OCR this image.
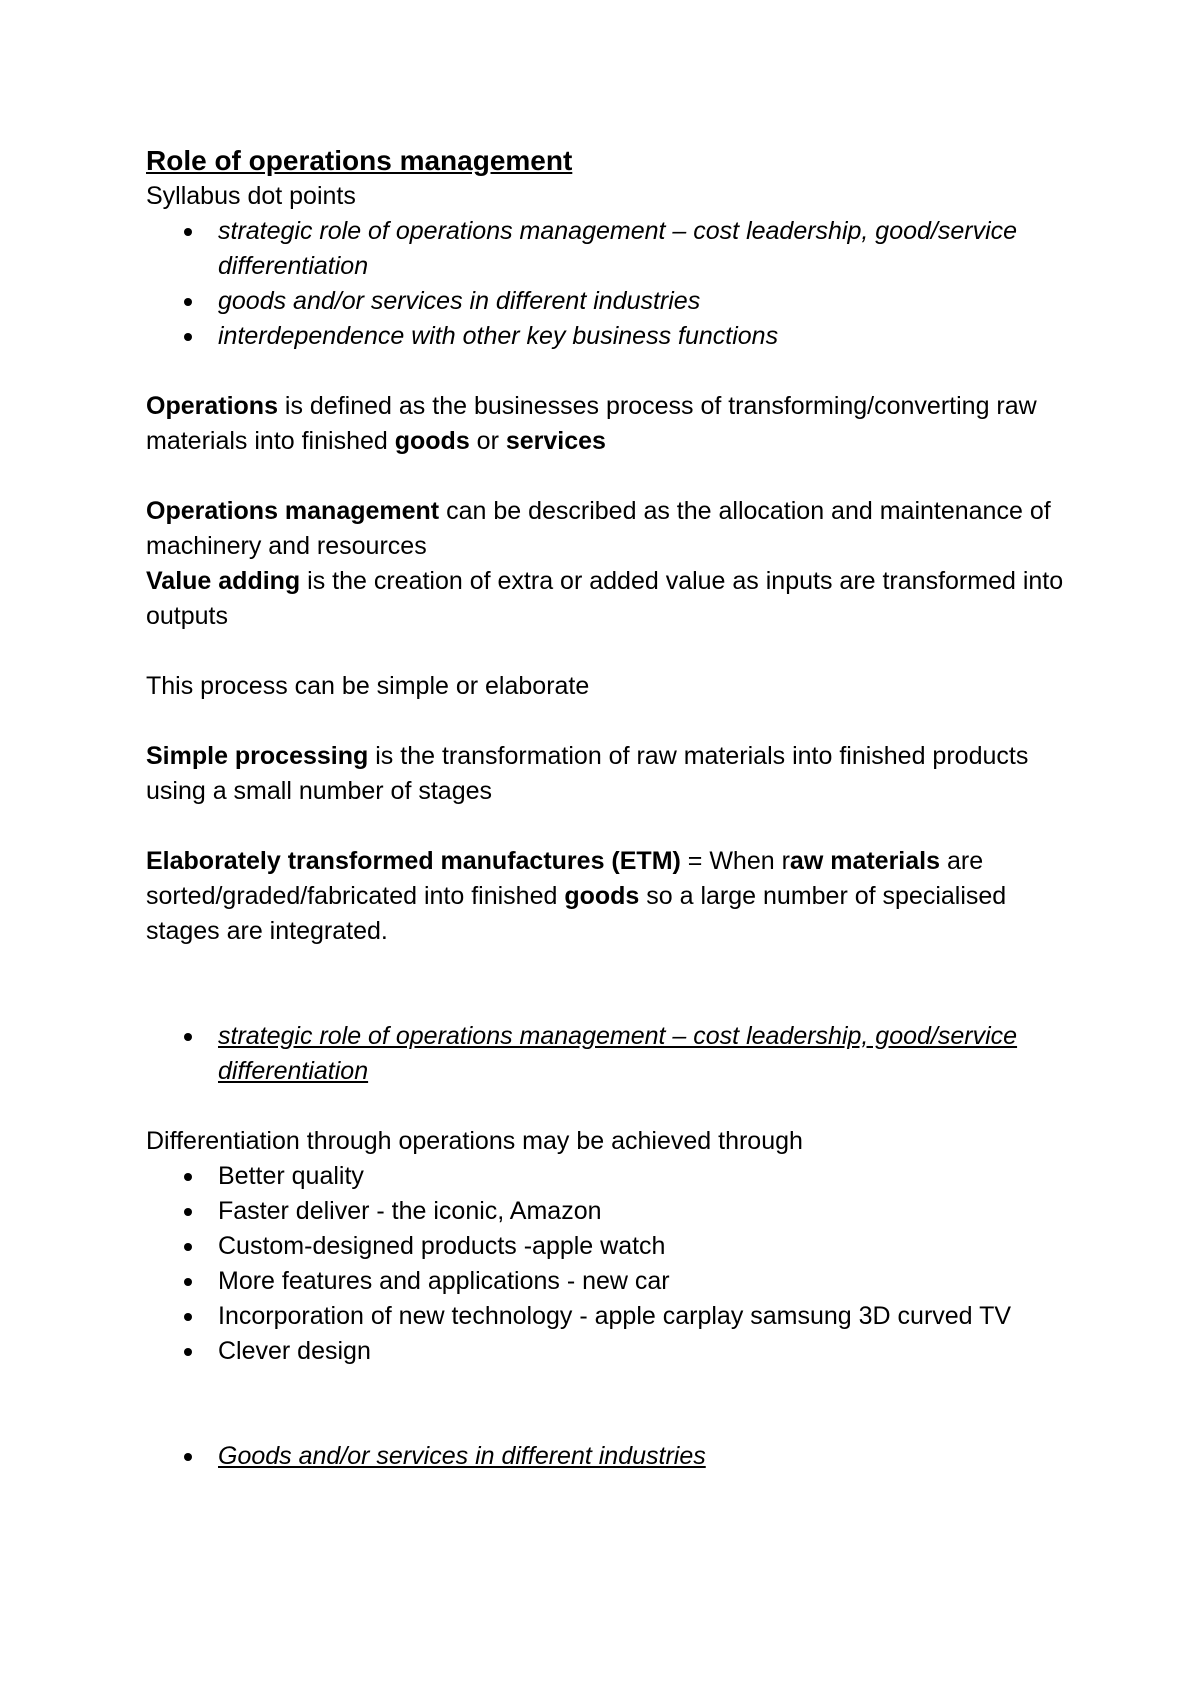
Role of operations management

Syllabus dot points

strategic role of operations management – cost leadership, good/service differentiation
goods and/or services in different industries
interdependence with other key business functions

Operations is defined as the businesses process of transforming/converting raw materials into finished goods or services

Operations management can be described as the allocation and maintenance of machinery and resources

Value adding is the creation of extra or added value as inputs are transformed into outputs

This process can be simple or elaborate

Simple processing is the transformation of raw materials into finished products using a small number of stages

Elaborately transformed manufactures (ETM) = When raw materials are sorted/graded/fabricated into finished goods so a large number of specialised stages are integrated.

strategic role of operations management – cost leadership, good/service differentiation

Differentiation through operations may be achieved through

Better quality
Faster deliver - the iconic, Amazon
Custom-designed products -apple watch
More features and applications - new car
Incorporation of new technology - apple carplay samsung 3D curved TV
Clever design
Goods and/or services in different industries
